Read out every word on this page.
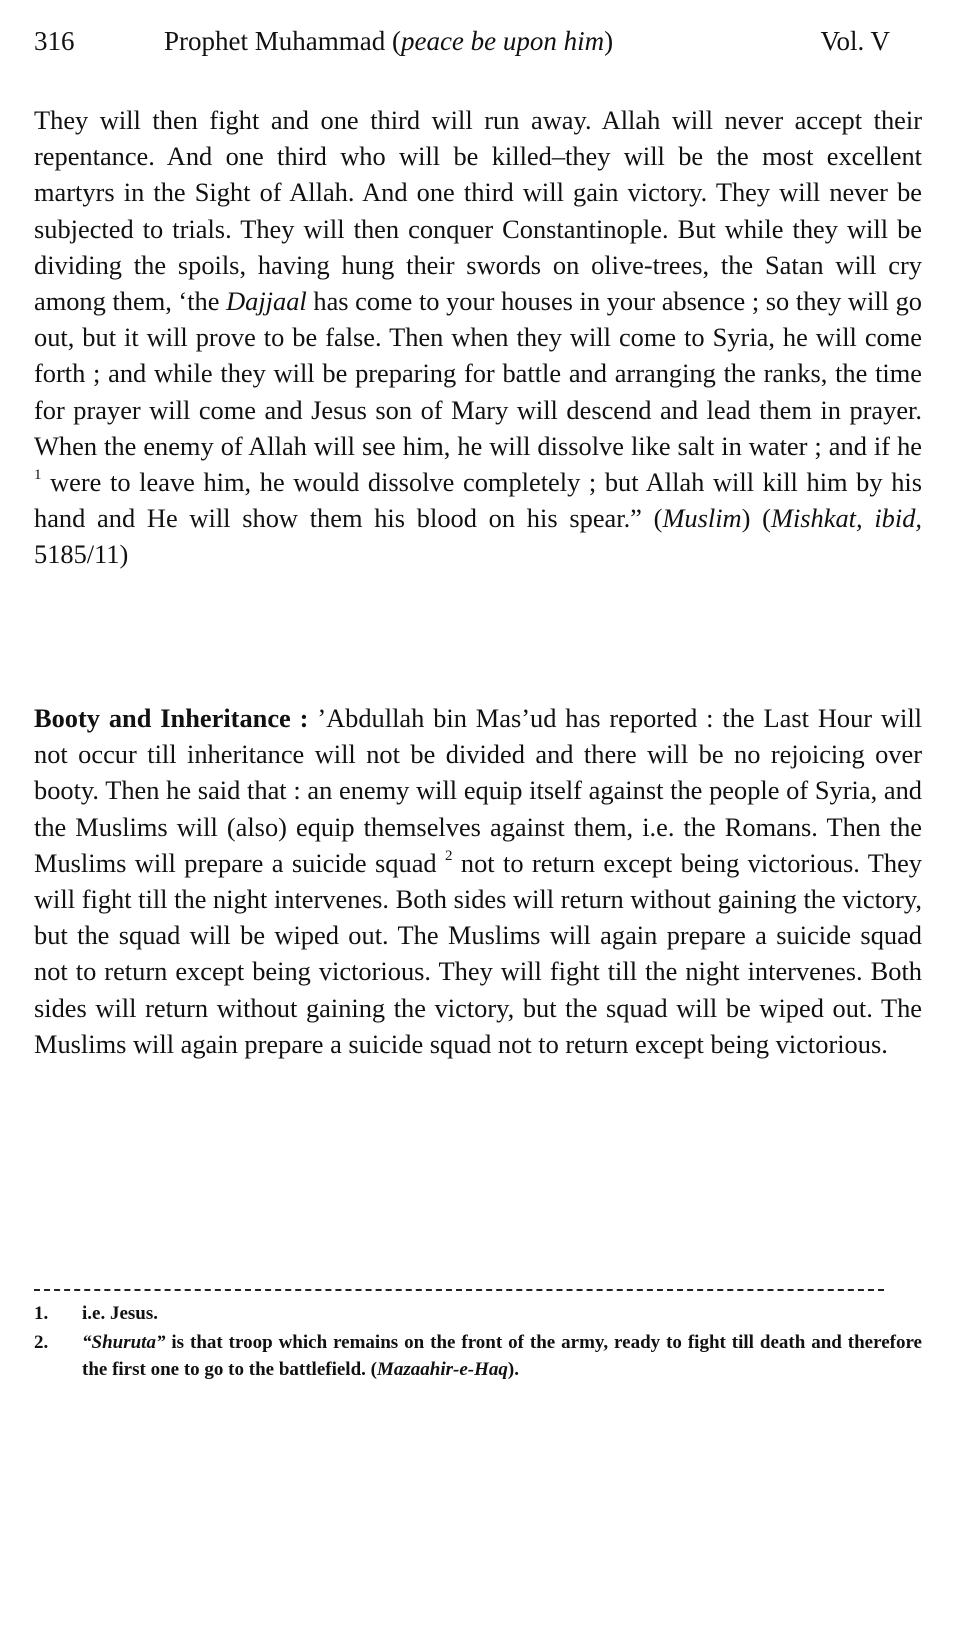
316	Prophet Muhammad (peace be upon him)	Vol. V
They will then fight and one third will run away. Allah will never accept their repentance. And one third who will be killed–they will be the most excellent martyrs in the Sight of Allah. And one third will gain victory. They will never be subjected to trials. They will then conquer Constantinople. But while they will be dividing the spoils, having hung their swords on olive-trees, the Satan will cry among them, ‘the Dajjaal has come to your houses in your absence ; so they will go out, but it will prove to be false. Then when they will come to Syria, he will come forth ; and while they will be preparing for battle and arranging the ranks, the time for prayer will come and Jesus son of Mary will descend and lead them in prayer. When the enemy of Allah will see him, he will dissolve like salt in water ; and if he $^1$ were to leave him, he would dissolve completely ; but Allah will kill him by his hand and He will show them his blood on his spear.” (Muslim) (Mishkat, ibid, 5185/11)
Booty and Inheritance : ’Abdullah bin Mas’ud has reported : the Last Hour will not occur till inheritance will not be divided and there will be no rejoicing over booty. Then he said that : an enemy will equip itself against the people of Syria, and the Muslims will (also) equip themselves against them, i.e. the Romans. Then the Muslims will prepare a suicide squad $^2$ not to return except being victorious. They will fight till the night intervenes. Both sides will return without gaining the victory, but the squad will be wiped out. The Muslims will again prepare a suicide squad not to return except being victorious. They will fight till the night intervenes. Both sides will return without gaining the victory, but the squad will be wiped out. The Muslims will again prepare a suicide squad not to return except being victorious.
1.	i.e. Jesus.
2.	“Shuruta” is that troop which remains on the front of the army, ready to fight till death and therefore the first one to go to the battlefield. (Mazaahir-e-Haq).
